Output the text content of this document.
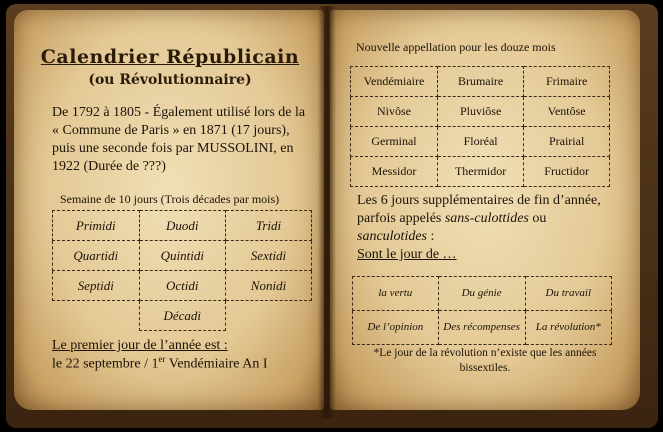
Calendrier Républicain
(ou Révolutionnaire)
De 1792 à 1805 - Également utilisé lors de la « Commune de Paris » en 1871 (17 jours), puis une seconde fois par MUSSOLINI, en 1922 (Durée de ???)
Semaine de 10 jours (Trois décades par mois)
Primidi	Duodi	Tridi
Quartidi	Quintidi	Sextidi
Septidi	Octidi	Nonidi
	Décadi	
Le premier jour de l’année est :
le 22 septembre / 1er Vendémiaire An I
Nouvelle appellation pour les douze mois
Vendémiaire	Brumaire	Frimaire
Nivôse	Pluviôse	Ventôse
Germinal	Floréal	Prairial
Messidor	Thermidor	Fructidor
Les 6 jours supplémentaires de fin d’année, parfois appelés sans-culottides ou sanculotides :
Sont le jour de …
la vertu	Du génie	Du travail
De l’opinion	Des récompenses	La révolution*
*Le jour de la révolution n’existe que les années bissextiles.
